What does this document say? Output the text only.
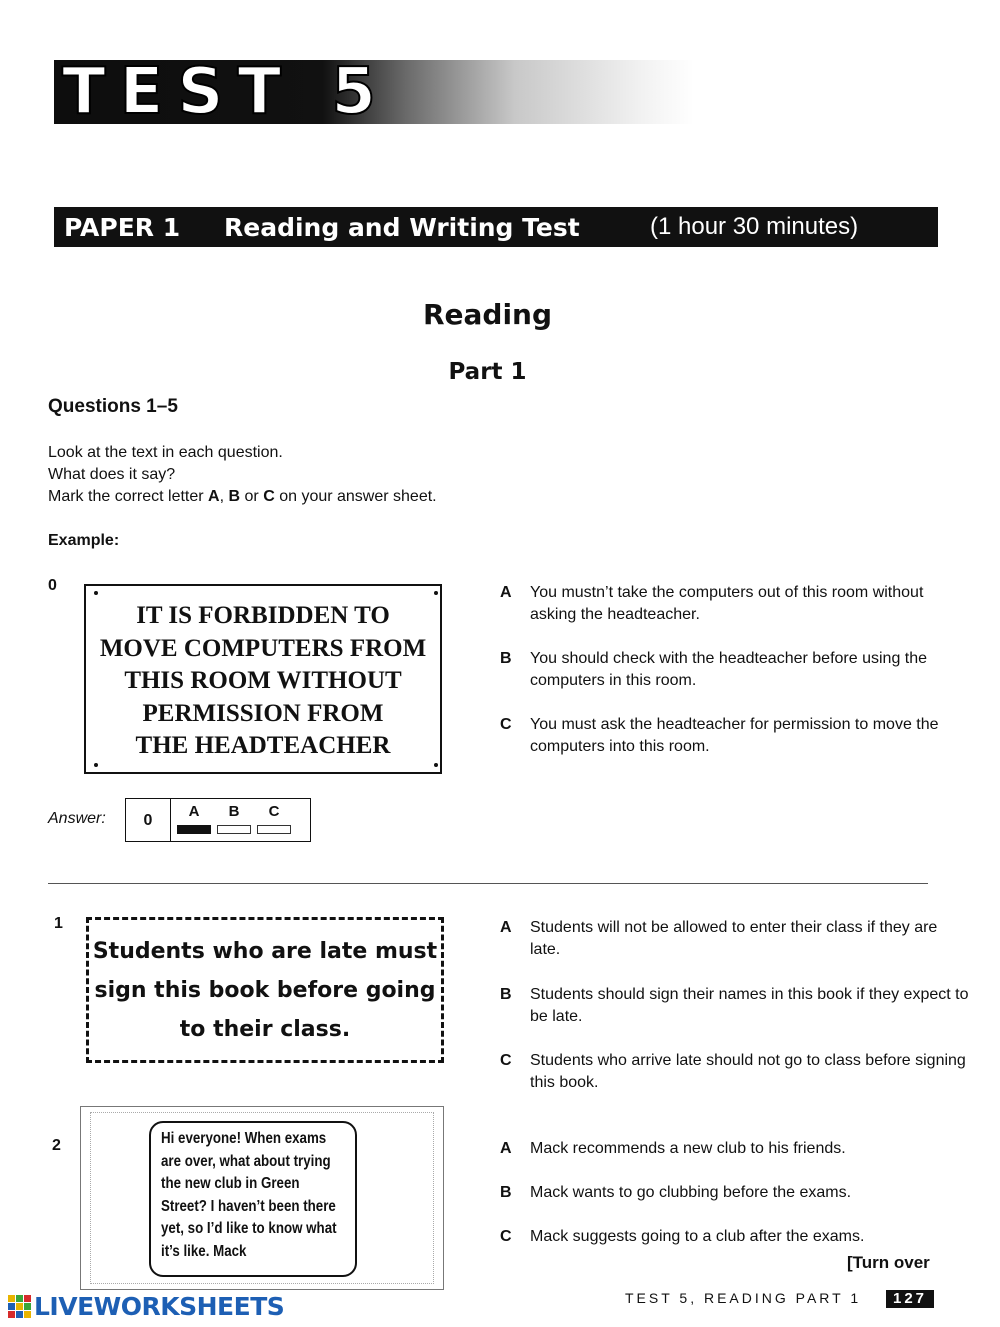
TEST 5
PAPER 1	Reading and Writing Test	(1 hour 30 minutes)
Reading
Part 1
Questions 1–5
Look at the text in each question.
What does it say?
Mark the correct letter A, B or C on your answer sheet.
Example:
0
IT IS FORBIDDEN TO
MOVE COMPUTERS FROM
THIS ROOM WITHOUT
PERMISSION FROM
THE HEADTEACHER
A You mustn’t take the computers out of this room without asking the headteacher.
B You should check with the headteacher before using the computers in this room.
C You must ask the headteacher for permission to move the computers into this room.
Answer:	0
A	B	C
1
Students who are late must
sign this book before going
to their class.
A Students will not be allowed to enter their class if they are late.
B Students should sign their names in this book if they expect to be late.
C Students who arrive late should not go to class before signing this book.
2	Hi everyone! When exams
are over, what about trying
the new club in Green
Street? I haven’t been there
yet, so I’d like to know what
it’s like. Mack
A Mack recommends a new club to his friends.
B Mack wants to go clubbing before the exams.
C Mack suggests going to a club after the exams.
[Turn over
TEST 5, READING PART 1	127
LIVEWORKSHEETS
